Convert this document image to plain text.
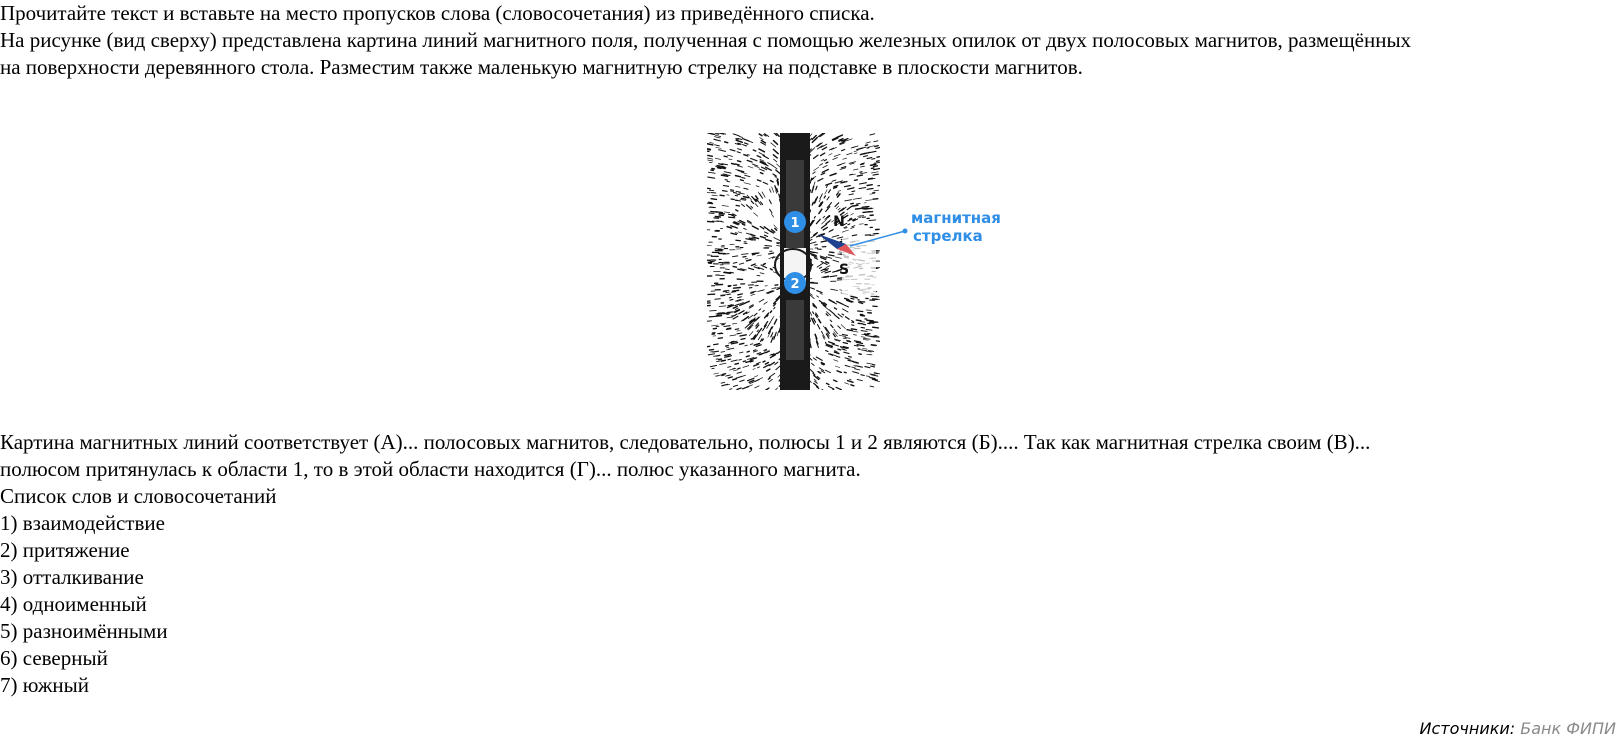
Прочитайте текст и вставьте на место пропусков слова (словосочетания) из приведённого списка.
На рисунке (вид сверху) представлена картина линий магнитного поля, полученная с помощью железных опилок от двух полосовых магнитов, размещённых
на поверхности деревянного стола. Разместим также маленькую магнитную стрелку на подставке в плоскости магнитов.
1
2
N
S
магнитная
стрелка
Картина магнитных линий соответствует (А)... полосовых магнитов, следовательно, полюсы 1 и 2 являются (Б).... Так как магнитная стрелка своим (В)...
полюсом притянулась к области 1, то в этой области находится (Г)... полюс указанного магнита.
Список слов и словосочетаний
1) взаимодействие
2) притяжение
3) отталкивание
4) одноименный
5) разноимёнными
6) северный
7) южный
Источники: Банк ФИПИ
